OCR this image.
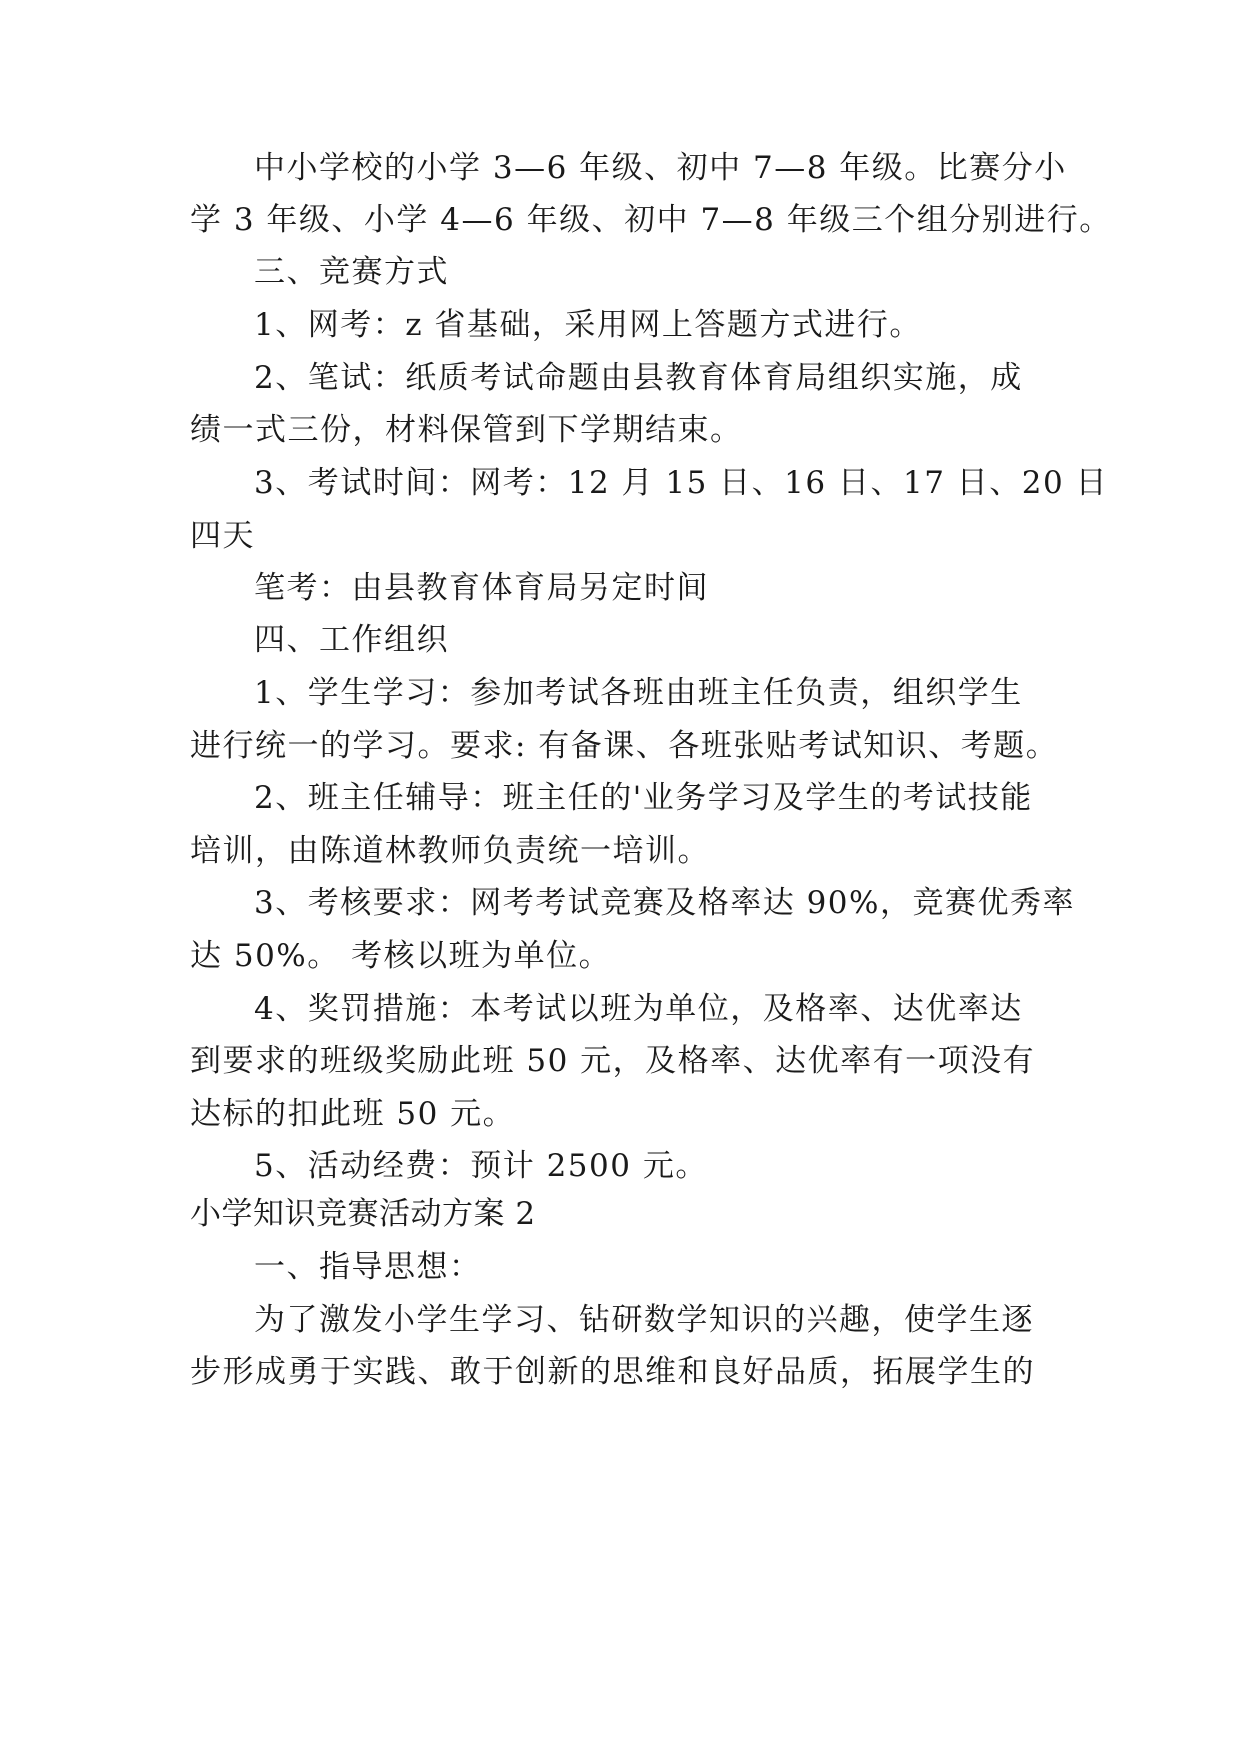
中小学校的小学 3—6 年级、初中 7—8 年级。比赛分小
学 3 年级、小学 4—6 年级、初中 7—8 年级三个组分别进行。
三、竞赛方式
1、网考：z 省基础，采用网上答题方式进行。
2、笔试：纸质考试命题由县教育体育局组织实施，成
绩一式三份，材料保管到下学期结束。
3、考试时间：网考：12 月 15 日、16 日、17 日、20 日
四天
笔考：由县教育体育局另定时间
四、工作组织
1、学生学习：参加考试各班由班主任负责，组织学生
进行统一的学习。要求: 有备课、各班张贴考试知识、考题。
2、班主任辅导：班主任的'业务学习及学生的考试技能
培训，由陈道林教师负责统一培训。
3、考核要求：网考考试竞赛及格率达 90%，竞赛优秀率
达 50%。 考核以班为单位。
4、奖罚措施：本考试以班为单位，及格率、达优率达
到要求的班级奖励此班 50 元，及格率、达优率有一项没有
达标的扣此班 50 元。
5、活动经费：预计 2500 元。
小学知识竞赛活动方案 2
一、指导思想：
为了激发小学生学习、钻研数学知识的兴趣，使学生逐
步形成勇于实践、敢于创新的思维和良好品质，拓展学生的
